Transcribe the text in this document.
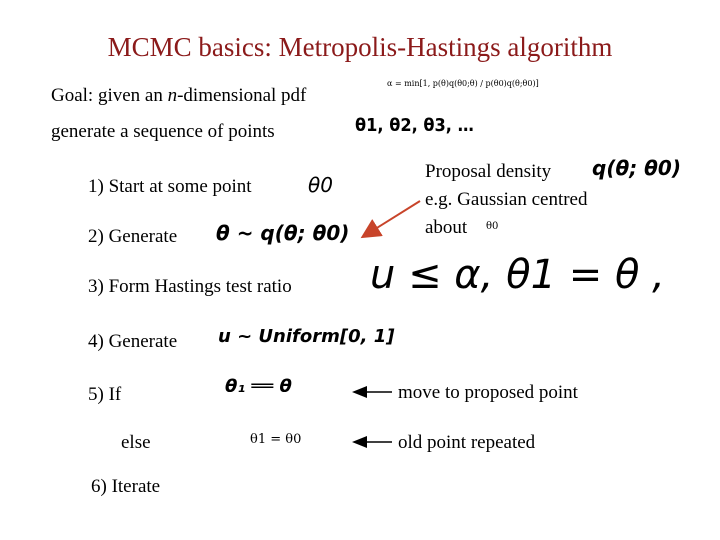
MCMC basics: Metropolis-Hastings algorithm
Goal: given an n-dimensional pdf
α = min[1, p(θ)q(θ0;θ) / p(θ0)q(θ;θ0)]
generate a sequence of points	θ1, θ2, θ3, …
1) Start at some point	θ0
2) Generate θ ~ q(θ; θ0)
Proposal density q(θ; θ0)
e.g. Gaussian centred
about θ0
3) Form Hastings test ratio u ≤ α, θ1 = θ ,
4) Generate u ~ Uniform[0, 1]
5) If	θ₁ ══ θ	move to proposed point
else	θ1 = θ0	old point repeated
6) Iterate
